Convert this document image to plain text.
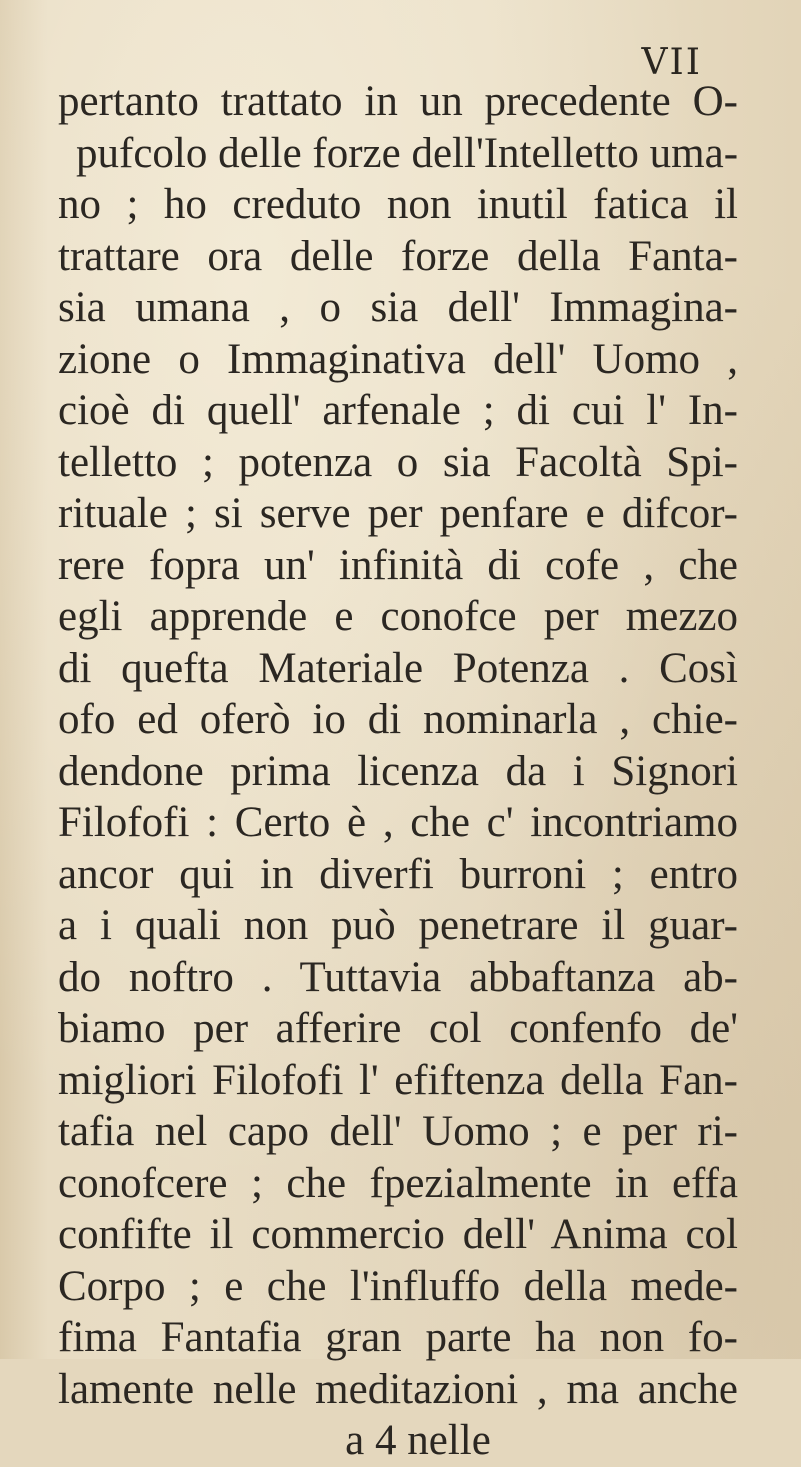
VII
pertanto trattato in un precedente O-
pufcolo delle forze dell'Intelletto uma-
no ; ho creduto non inutil fatica il
trattare ora delle forze della Fanta-
sia umana , o sia dell' Immagina-
zione o Immaginativa dell' Uomo ,
cioè di quell' arfenale ; di cui l' In-
telletto ; potenza o sia Facoltà Spi-
rituale ; si serve per penfare e difcor-
rere fopra un' infinità di cofe , che
egli apprende e conofce per mezzo
di quefta Materiale Potenza . Così
ofo ed oferò io di nominarla , chie-
dendone prima licenza da i Signori
Filofofi : Certo è , che c' incontriamo
ancor qui in diverfi burroni ; entro
a i quali non può penetrare il guar-
do noftro . Tuttavia abbaftanza ab-
biamo per afferire col confenfo de'
migliori Filofofi l' efiftenza della Fan-
tafia nel capo dell' Uomo ; e per ri-
conofcere ; che fpezialmente in effa
confifte il commercio dell' Anima col
Corpo ; e che l'influffo della mede-
fima Fantafia gran parte ha non fo-
lamente nelle meditazioni , ma anche
a 4 nelle
